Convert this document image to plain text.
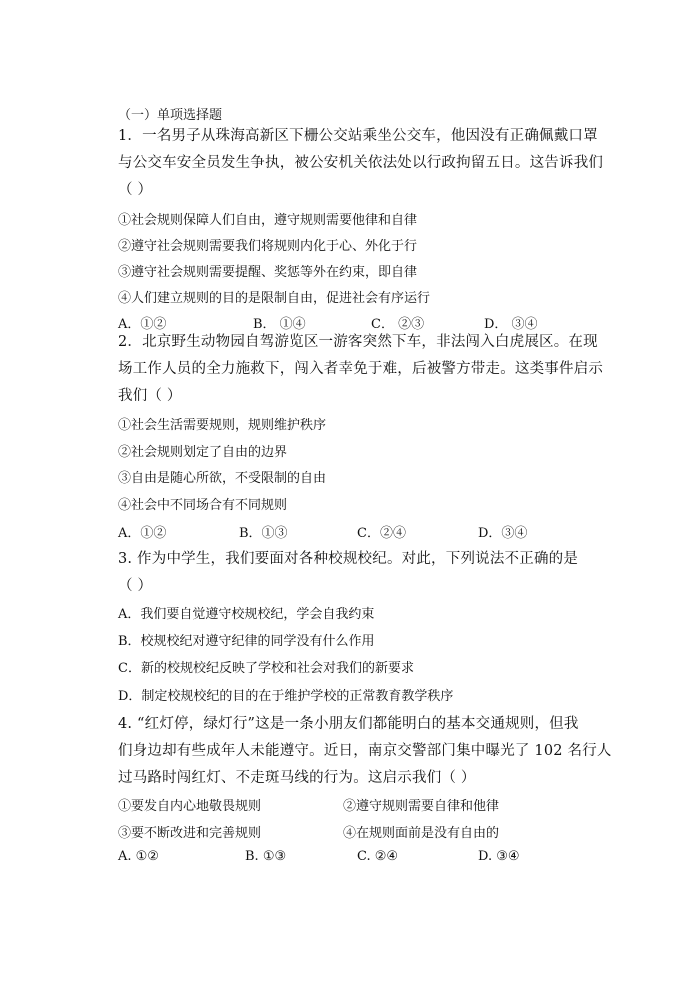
（一）单项选择题
1．一名男子从珠海高新区下栅公交站乘坐公交车，他因没有正确佩戴口罩
与公交车安全员发生争执，被公安机关依法处以行政拘留五日。这告诉我们
（ ）
①社会规则保障人们自由，遵守规则需要他律和自律
②遵守社会规则需要我们将规则内化于心、外化于行
③遵守社会规则需要提醒、奖惩等外在约束，即自律
④人们建立规则的目的是限制自由，促进社会有序运行
A．①②	B． ①④	C． ②③	D． ③④
2．北京野生动物园自驾游览区一游客突然下车，非法闯入白虎展区。在现
场工作人员的全力施救下，闯入者幸免于难，后被警方带走。这类事件启示
我们（ ）
①社会生活需要规则，规则维护秩序
②社会规则划定了自由的边界
③自由是随心所欲，不受限制的自由
④社会中不同场合有不同规则
A．①②	B．①③	C．②④	D．③④
3. 作为中学生，我们要面对各种校规校纪。对此，下列说法不正确的是
（ ）
A．我们要自觉遵守校规校纪，学会自我约束
B．校规校纪对遵守纪律的同学没有什么作用
C．新的校规校纪反映了学校和社会对我们的新要求
D．制定校规校纪的目的在于维护学校的正常教育教学秩序
4. “红灯停，绿灯行”这是一条小朋友们都能明白的基本交通规则，但我
们身边却有些成年人未能遵守。近日，南京交警部门集中曝光了 102 名行人
过马路时闯红灯、不走斑马线的行为。这启示我们（ ）
①要发自内心地敬畏规则	②遵守规则需要自律和他律
③要不断改进和完善规则	④在规则面前是没有自由的
A. ①②	B. ①③	C. ②④	D. ③④
